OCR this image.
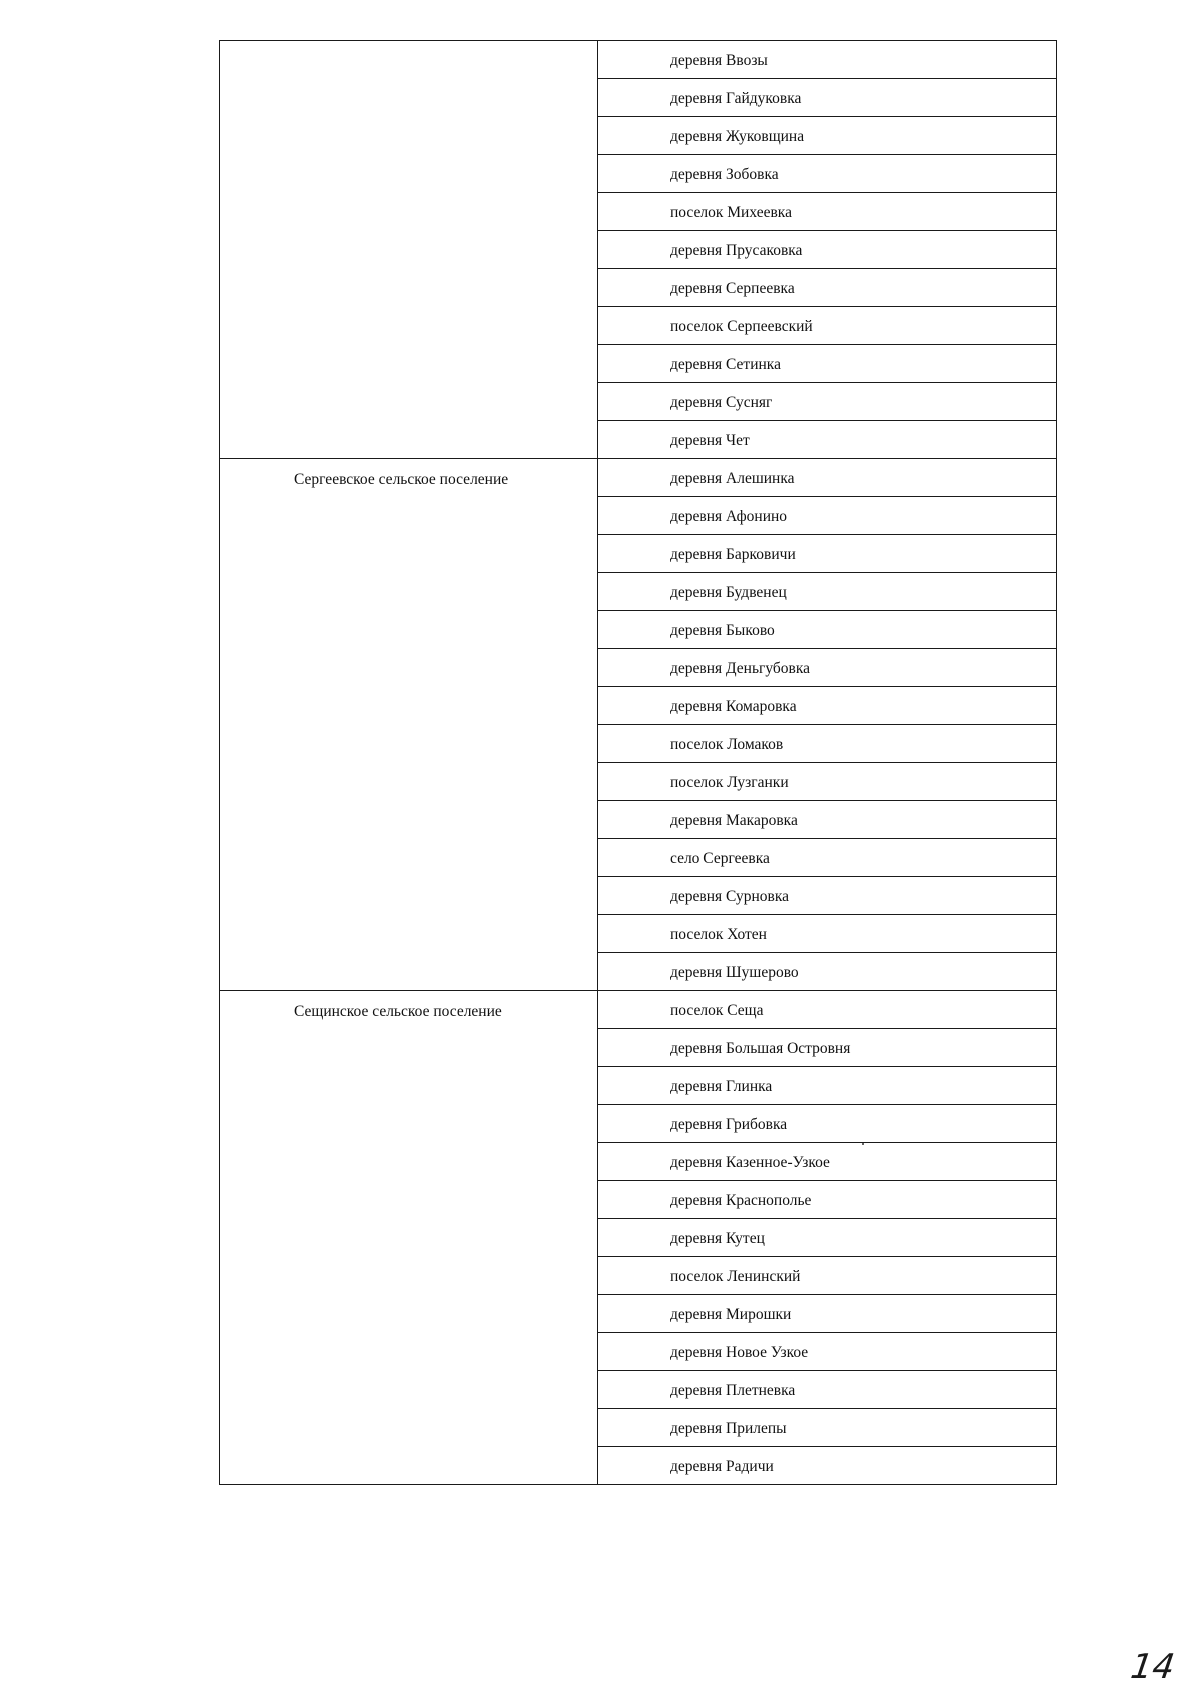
	деревня Ввозы

	деревня Гайдуковка

	деревня Жуковщина

	деревня Зобовка

	поселок Михеевка

	деревня Прусаковка

	деревня Серпеевка

	поселок Серпеевский

	деревня Сетинка

	деревня Сусняг

	деревня Чет

Сергеевское сельское поселение	деревня Алешинка

	деревня Афонино

	деревня Барковичи

	деревня Будвенец

	деревня Быково

	деревня Деньгубовка

	деревня Комаровка

	поселок Ломаков

	поселок Лузганки

	деревня Макаровка

	село Сергеевка

	деревня Сурновка

	поселок Хотен

	деревня Шушерово

Сещинское сельское поселение	поселок Сеща

	деревня Большая Островня

	деревня Глинка

	деревня Грибовка

	деревня Казенное-Узкое

	деревня Краснополье

	деревня Кутец

	поселок Ленинский

	деревня Мирошки

	деревня Новое Узкое

	деревня Плетневка

	деревня Прилепы

	деревня Радичи
14
